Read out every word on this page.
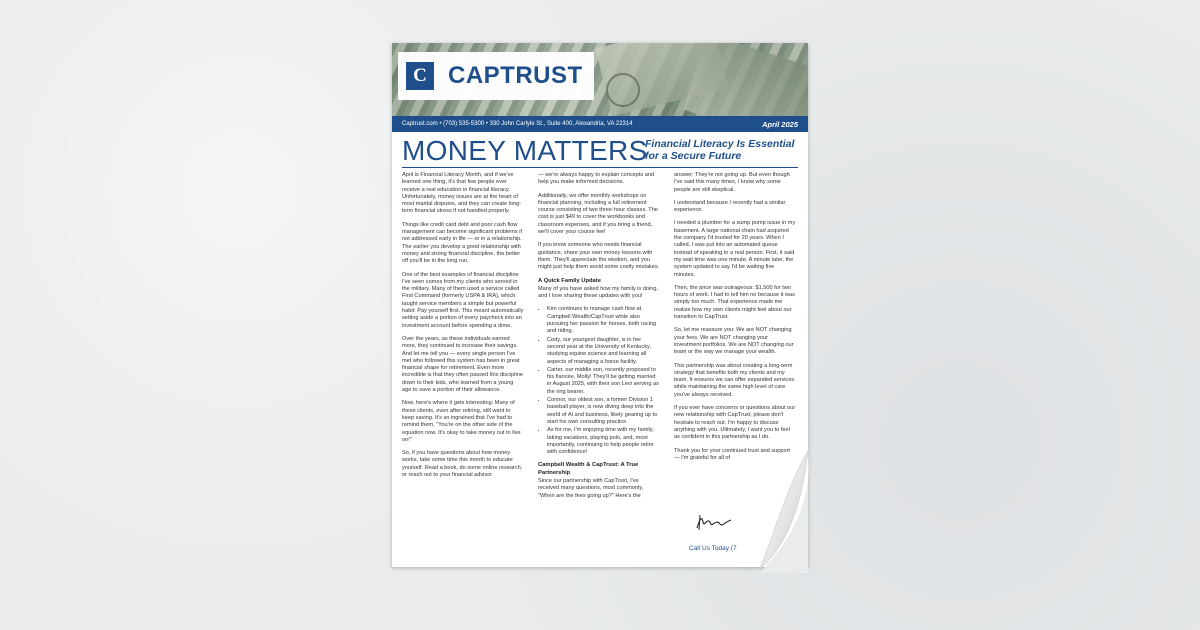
C CAPTRUST
Captrust.com • (703) 535-5300 • 330 John Carlyle St., Suite 400, Alexandria, VA 22314	April 2025
MONEY MATTERS
Financial Literacy Is Essential for a Secure Future

April is Financial Literacy Month, and if we've learned one thing, it's that few people ever receive a real education in financial literacy. Unfortunately, money issues are at the heart of most marital disputes, and they can create long-term financial stress if not handled properly.

Things like credit card debt and poor cash flow management can become significant problems if not addressed early in life — or in a relationship. The earlier you develop a good relationship with money and strong financial discipline, the better off you'll be in the long run.

One of the best examples of financial discipline I've seen comes from my clients who served in the military. Many of them used a service called First Command (formerly USPA & IRA), which taught service members a simple but powerful habit: Pay yourself first. This meant automatically setting aside a portion of every paycheck into an investment account before spending a dime.

Over the years, as these individuals earned more, they continued to increase their savings. And let me tell you — every single person I've met who followed this system has been in great financial shape for retirement. Even more incredible is that they often passed this discipline down to their kids, who learned from a young age to save a portion of their allowance.

Now, here's where it gets interesting: Many of these clients, even after retiring, still want to keep saving. It's so ingrained that I've had to remind them, "You're on the other side of the equation now. It's okay to take money out to live on!"

So, if you have questions about how money works, take some time this month to educate yourself. Read a book, do some online research, or reach out to your financial advisor

— we're always happy to explain concepts and help you make informed decisions.

Additionally, we offer monthly workshops on financial planning, including a full retirement course consisting of two three-hour classes. The cost is just $49 to cover the workbooks and classroom expenses, and if you bring a friend, we'll cover your course fee!

If you know someone who needs financial guidance, share your own money lessons with them. They'll appreciate the wisdom, and you might just help them avoid some costly mistakes.

A Quick Family Update

Many of you have asked how my family is doing, and I love sharing these updates with you!

• Kim continues to manage cash flow at Campbell Wealth/CapTrust while also pursuing her passion for horses, both racing and riding.
• Cody, our youngest daughter, is in her second year at the University of Kentucky, studying equine science and learning all aspects of managing a horse facility.
• Carter, our middle son, recently proposed to his fiancée, Molly! They'll be getting married in August 2025, with their son Levi serving as the ring bearer.
• Connor, our oldest son, a former Division 1 baseball player, is now diving deep into the world of AI and business, likely gearing up to start his own consulting practice.
• As for me, I'm enjoying time with my family, taking vacations, playing polo, and, most importantly, continuing to help people retire with confidence!
Campbell Wealth & CapTrust: A True Partnership

Since our partnership with CapTrust, I've received many questions, most commonly, "When are the fees going up?" Here's the

answer: They're not going up. But even though I've said this many times, I know why some people are still skeptical.

I understand because I recently had a similar experience.

I needed a plumber for a sump pump issue in my basement. A large national chain had acquired the company I'd trusted for 20 years. When I called, I was put into an automated queue instead of speaking to a real person. First, it said my wait time was one minute. A minute later, the system updated to say I'd be waiting five minutes.

Then, the price was outrageous: $1,500 for two hours of work. I had to tell him no because it was simply too much. That experience made me realize how my own clients might feel about our transition to CapTrust.

So, let me reassure you: We are NOT changing your fees. We are NOT changing your investment portfolios. We are NOT changing our team or the way we manage your wealth.

This partnership was about creating a long-term strategy that benefits both my clients and my team. It ensures we can offer expanded services while maintaining the same high level of care you've always received.

If you ever have concerns or questions about our new relationship with CapTrust, please don't hesitate to reach out. I'm happy to discuss anything with you. Ultimately, I want you to feel as confident in this partnership as I do.

Thank you for your continued trust and support — I'm grateful for all of

Call Us Today (7
